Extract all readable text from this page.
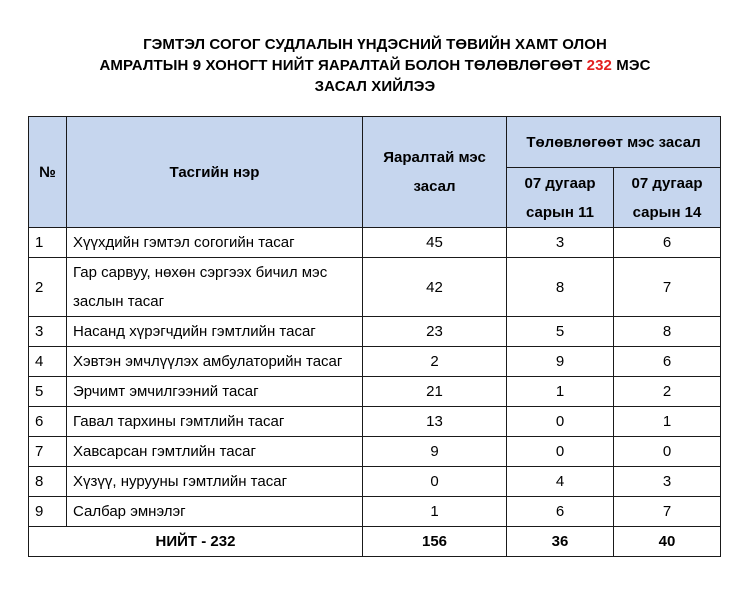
ГЭМТЭЛ СОГОГ СУДЛАЛЫН ҮНДЭСНИЙ ТӨВИЙН ХАМТ ОЛОН
АМРАЛТЫН 9 ХОНОГТ НИЙТ ЯАРАЛТАЙ БОЛОН ТӨЛӨВЛӨГӨӨТ 232 МЭС
ЗАСАЛ ХИЙЛЭЭ
№	Тасгийн нэр	Яаралтай мэс засал	Төлөвлөгөөт мэс засал	
			07 дугаар сарын 11	07 дугаар сарын 14
1	Хүүхдийн гэмтэл согогийн тасаг	45	3	6
2	Гар сарвуу, нөхөн сэргээх бичил мэс заслын тасаг	42	8	7
3	Насанд хүрэгчдийн гэмтлийн тасаг	23	5	8
4	Хэвтэн эмчлүүлэх амбулаторийн тасаг	2	9	6
5	Эрчимт эмчилгээний тасаг	21	1	2
6	Гавал тархины гэмтлийн тасаг	13	0	1
7	Хавсарсан гэмтлийн тасаг	9	0	0
8	Хүзүү, нурууны гэмтлийн тасаг	0	4	3
9	Салбар эмнэлэг	1	6	7
НИЙТ - 232		156	36	40
